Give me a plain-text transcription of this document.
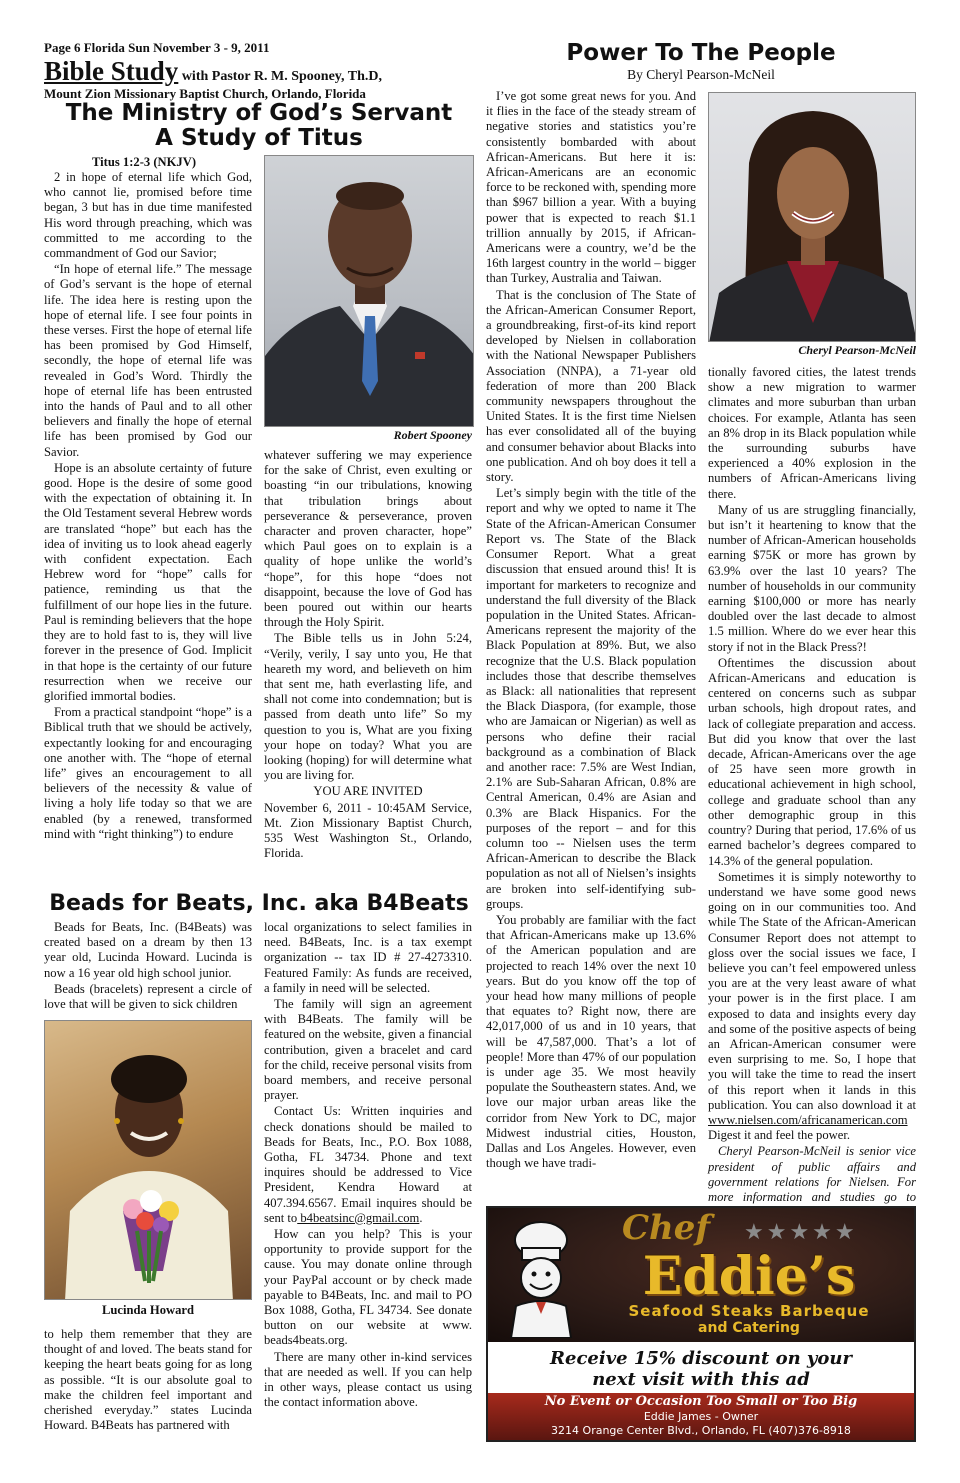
Page 6 Florida Sun November 3 - 9, 2011
Bible Study with Pastor R. M. Spooney, Th.D,
Mount Zion Missionary Baptist Church, Orlando, Florida
The Ministry of God’s Servant
A Study of Titus
Titus 1:2-3 (NKJV)

2 in hope of eternal life which God, who cannot lie, promised before time began, 3 but has in due time manifested His word through preaching, which was committed to me according to the commandment of God our Savior;

“In hope of eternal life.” The message of God’s servant is the hope of eternal life. The idea here is resting upon the hope of eternal life. I see four points in these verses. First the hope of eternal life has been promised by God Himself, secondly, the hope of eternal life was revealed in God’s Word. Thirdly the hope of eternal life has been entrusted into the hands of Paul and to all other believers and finally the hope of eternal life has been promised by God our Savior.

Hope is an absolute certainty of future good. Hope is the desire of some good with the expectation of obtaining it. In the Old Testament several Hebrew words are translated “hope” but each has the idea of inviting us to look ahead eagerly with confident expectation. Each Hebrew word for “hope” calls for patience, reminding us that the fulfillment of our hope lies in the future. Paul is reminding believers that the hope they are to hold fast to is, they will live forever in the presence of God. Implicit in that hope is the certainty of our future resurrection when we receive our glorified immortal bodies.

From a practical standpoint “hope” is a Biblical truth that we should be actively, expectantly looking for and encouraging one another with. The “hope of eternal life” gives an encouragement to all believers of the necessity & value of living a holy life today so that we are enabled (by a renewed, transformed mind with “right thinking”) to endure

Robert Spooney

whatever suffering we may experience for the sake of Christ, even exulting or boasting “in our tribulations, knowing that tribulation brings about perseverance & perseverance, proven character and proven character, hope” which Paul goes on to explain is a quality of hope unlike the world’s “hope”, for this hope “does not disappoint, because the love of God has been poured out within our hearts through the Holy Spirit.

The Bible tells us in John 5:24, “Verily, verily, I say unto you, He that heareth my word, and believeth on him that sent me, hath everlasting life, and shall not come into condemnation; but is passed from death unto life” So my question to you is, What are you fixing your hope on today? What you are looking (hoping) for will determine what you are living for.

YOU ARE INVITED

November 6, 2011 - 10:45AM Service, Mt. Zion Missionary Baptist Church, 535 West Washington St., Orlando, Florida.

Beads for Beats, Inc. aka B4Beats

Beads for Beats, Inc. (B4Beats) was created based on a dream by then 13 year old, Lucinda Howard. Lucinda is now a 16 year old high school junior.

Beads (bracelets) represent a circle of love that will be given to sick children

Lucinda Howard

to help them remember that they are thought of and loved. The beats stand for keeping the heart beats going for as long as possible. “It is our absolute goal to make the children feel important and cherished everyday.” states Lucinda Howard. B4Beats has partnered with

local organizations to select families in need. B4Beats, Inc. is a tax exempt organization -- tax ID # 27-4273310. Featured Family: As funds are received, a family in need will be selected.

The family will sign an agreement with B4Beats. The family will be featured on the website, given a financial contribution, given a bracelet and card for the child, receive personal visits from board members, and receive personal prayer.

Contact Us: Written inquiries and check donations should be mailed to Beads for Beats, Inc., P.O. Box 1088, Gotha, FL 34734. Phone and text inquires should be addressed to Vice President, Kendra Howard at 407.394.6567. Email inquires should be sent to b4beatsinc@gmail.com.

How can you help? This is your opportunity to provide support for the cause. You may donate online through your PayPal account or by check made payable to B4Beats, Inc. and mail to PO Box 1088, Gotha, FL 34734. See donate button on our website at www. beads4beats.org.

There are many other in-kind services that are needed as well. If you can help in other ways, please contact us using the contact information above.

Power To The People
By Cheryl Pearson-McNeil

I’ve got some great news for you. And it flies in the face of the steady stream of negative stories and statistics you’re consistently bombarded with about African-Americans. But here it is: African-Americans are an economic force to be reckoned with, spending more than $967 billion a year. With a buying power that is expected to reach $1.1 trillion annually by 2015, if African-Americans were a country, we’d be the 16th largest country in the world – bigger than Turkey, Australia and Taiwan.

That is the conclusion of The State of the African-American Consumer Report, a groundbreaking, first-of-its kind report developed by Nielsen in collaboration with the National Newspaper Publishers Association (NNPA), a 71-year old federation of more than 200 Black community newspapers throughout the United States. It is the first time Nielsen has ever consolidated all of the buying and consumer behavior about Blacks into one publication. And oh boy does it tell a story.

Let’s simply begin with the title of the report and why we opted to name it The State of the African-American Consumer Report vs. The State of the Black Consumer Report. What a great discussion that ensued around this! It is important for marketers to recognize and understand the full diversity of the Black population in the United States. African-Americans represent the majority of the Black Population at 89%. But, we also recognize that the U.S. Black population includes those that describe themselves as Black: all nationalities that represent the Black Diaspora, (for example, those who are Jamaican or Nigerian) as well as persons who define their racial background as a combination of Black and another race: 7.5% are West Indian, 2.1% are Sub-Saharan African, 0.8% are Central American, 0.4% are Asian and 0.3% are Black Hispanics. For the purposes of the report – and for this column too -- Nielsen uses the term African-American to describe the Black population as not all of Nielsen’s insights are broken into self-identifying sub-groups.

You probably are familiar with the fact that African-Americans make up 13.6% of the American population and are projected to reach 14% over the next 10 years. But do you know off the top of your head how many millions of people that equates to? Right now, there are 42,017,000 of us and in 10 years, that will be 47,587,000. That’s a lot of people! More than 47% of our population is under age 35. We most heavily populate the Southeastern states. And, we love our major urban areas like the corridor from New York to DC, major Midwest industrial cities, Houston, Dallas and Los Angeles. However, even though we have tradi-

Cheryl Pearson-McNeil

tionally favored cities, the latest trends show a new migration to warmer climates and more suburban than urban choices. For example, Atlanta has seen an 8% drop in its Black population while the surrounding suburbs have experienced a 40% explosion in the numbers of African-Americans living there.

Many of us are struggling financially, but isn’t it heartening to know that the number of African-American households earning $75K or more has grown by 63.9% over the last 10 years? The number of households in our community earning $100,000 or more has nearly doubled over the last decade to almost 1.5 million. Where do we ever hear this story if not in the Black Press?!

Oftentimes the discussion about African-Americans and education is centered on concerns such as subpar urban schools, high dropout rates, and lack of collegiate preparation and access. But did you know that over the last decade, African-Americans over the age of 25 have seen more growth in educational achievement in high school, college and graduate school than any other demographic group in this country? During that period, 17.6% of us earned bachelor’s degrees compared to 14.3% of the general population.

Sometimes it is simply noteworthy to understand we have some good news going on in our communities too. And while The State of the African-American Consumer Report does not attempt to gloss over the social issues we face, I believe you can’t feel empowered unless you are at the very least aware of what your power is in the first place. I am exposed to data and insights every day and some of the positive aspects of being an African-American consumer were even surprising to me. So, I hope that you will take the time to read the insert of this report when it lands in this publication. You can also download it at www.nielsen.com/africanamerican.com Digest it and feel the power.

Cheryl Pearson-McNeil is senior vice president of public affairs and government relations for Nielsen. For more information and studies go to

Chef ★★★★★
Eddie’s
Seafood Steaks Barbeque
and Catering
Receive 15% discount on your
next visit with this ad
No Event or Occasion Too Small or Too Big
Eddie James - Owner
3214 Orange Center Blvd., Orlando, FL (407)376-8918
